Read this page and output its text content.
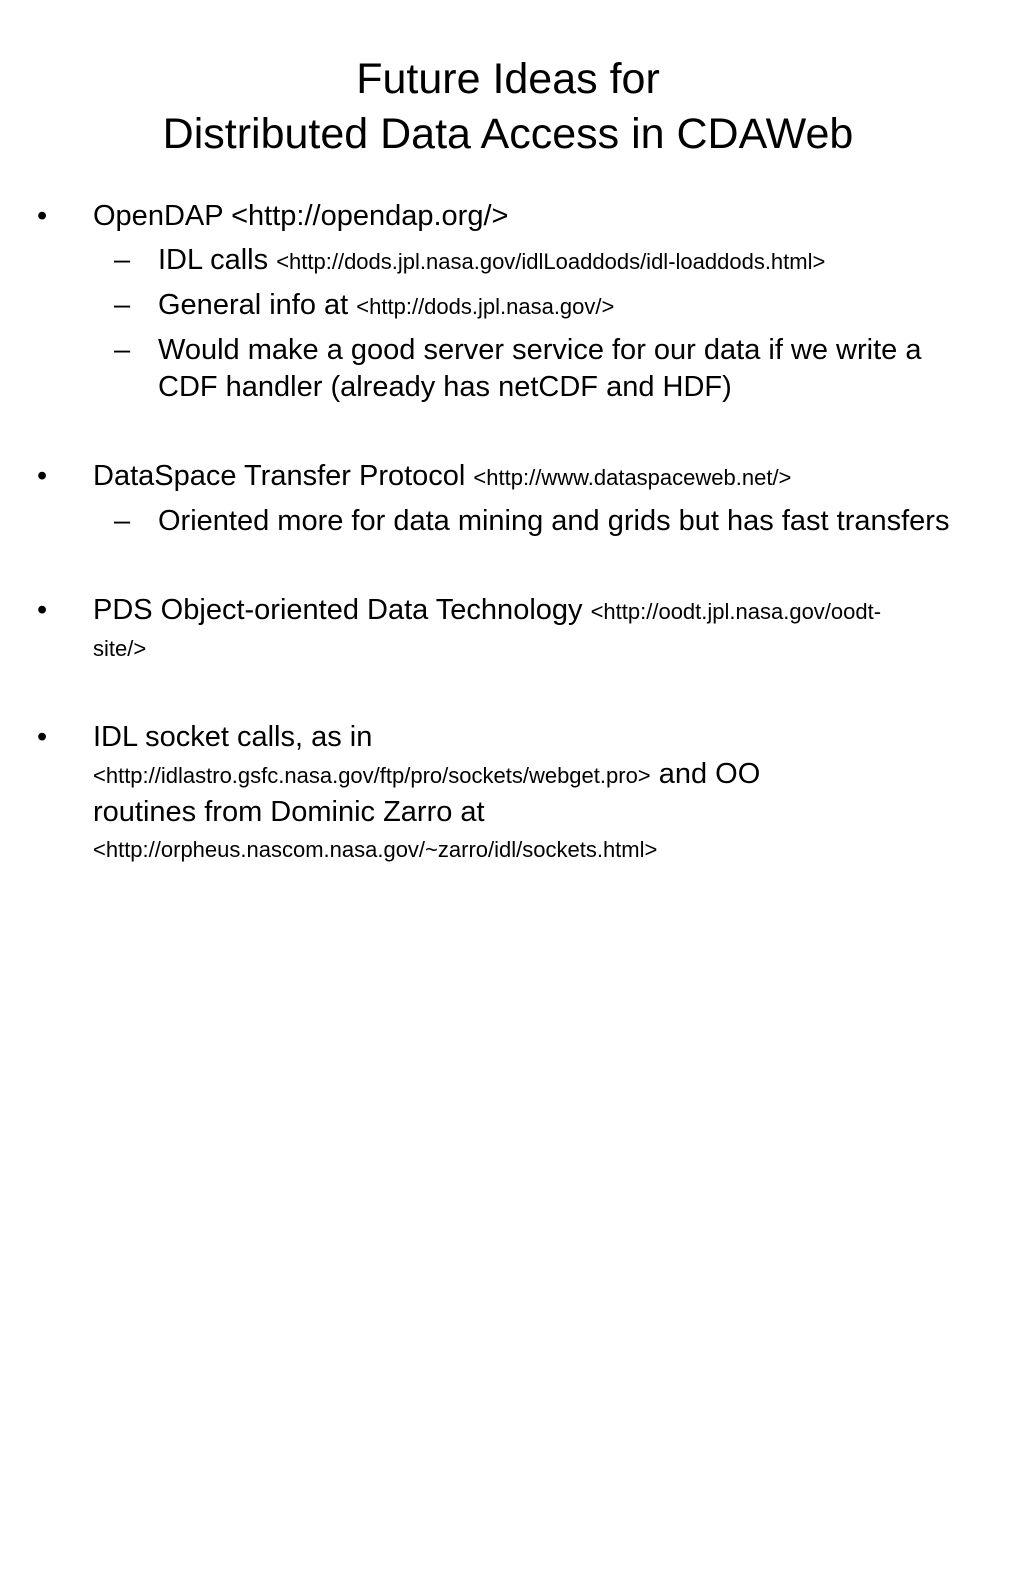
Future Ideas for
Distributed Data Access in CDAWeb
• OpenDAP <http://opendap.org/>
– IDL calls <http://dods.jpl.nasa.gov/idlLoaddods/idl-loaddods.html>
– General info at <http://dods.jpl.nasa.gov/>
– Would make a good server service for our data if we write a CDF handler (already has netCDF and HDF)
• DataSpace Transfer Protocol <http://www.dataspaceweb.net/>
– Oriented more for data mining and grids but has fast transfers
• PDS Object-oriented Data Technology <http://oodt.jpl.nasa.gov/oodt-
site/>
• IDL socket calls, as in
<http://idlastro.gsfc.nasa.gov/ftp/pro/sockets/webget.pro> and OO
routines from Dominic Zarro at
<http://orpheus.nascom.nasa.gov/~zarro/idl/sockets.html>
